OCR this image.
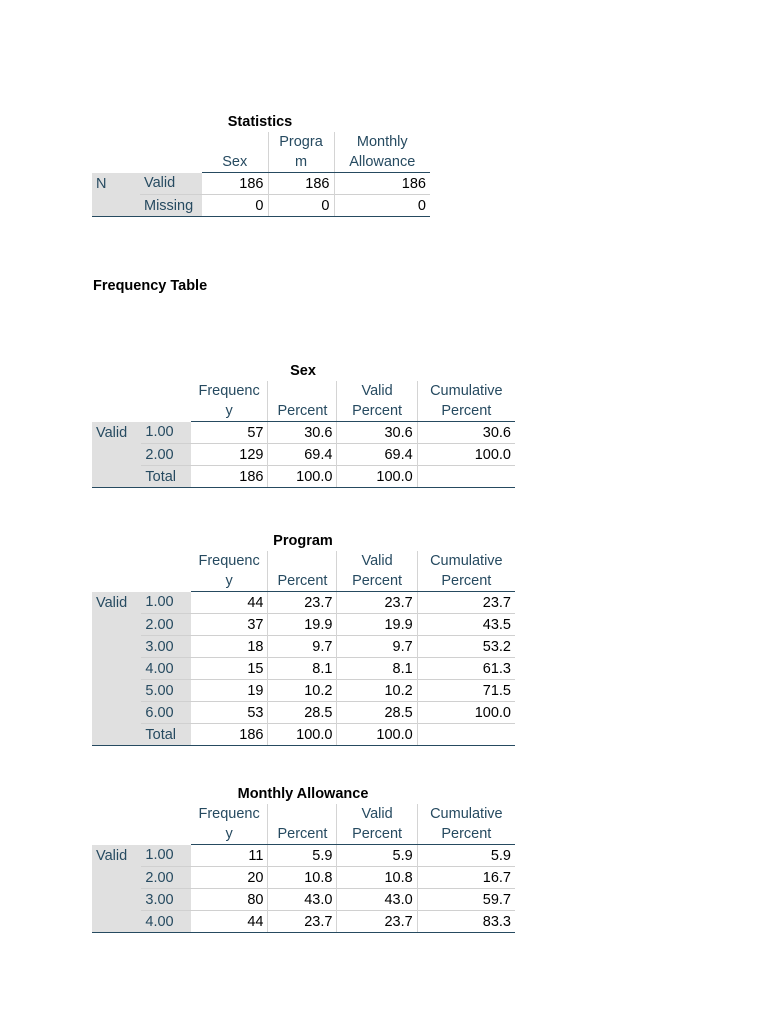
Statistics
		Sex	Progra
m	Monthly
Allowance
N	Valid	186	186	186
	Missing	0	0	0
Frequency Table
Sex
		Frequenc
y	Percent	Valid
Percent	Cumulative
Percent
Valid	1.00	57	30.6	30.6	30.6
	2.00	129	69.4	69.4	100.0
	Total	186	100.0	100.0	
Program
		Frequenc
y	Percent	Valid
Percent	Cumulative
Percent
Valid	1.00	44	23.7	23.7	23.7
	2.00	37	19.9	19.9	43.5
	3.00	18	9.7	9.7	53.2
	4.00	15	8.1	8.1	61.3
	5.00	19	10.2	10.2	71.5
	6.00	53	28.5	28.5	100.0
	Total	186	100.0	100.0	
Monthly Allowance
		Frequenc
y	Percent	Valid
Percent	Cumulative
Percent
Valid	1.00	11	5.9	5.9	5.9
	2.00	20	10.8	10.8	16.7
	3.00	80	43.0	43.0	59.7
	4.00	44	23.7	23.7	83.3
